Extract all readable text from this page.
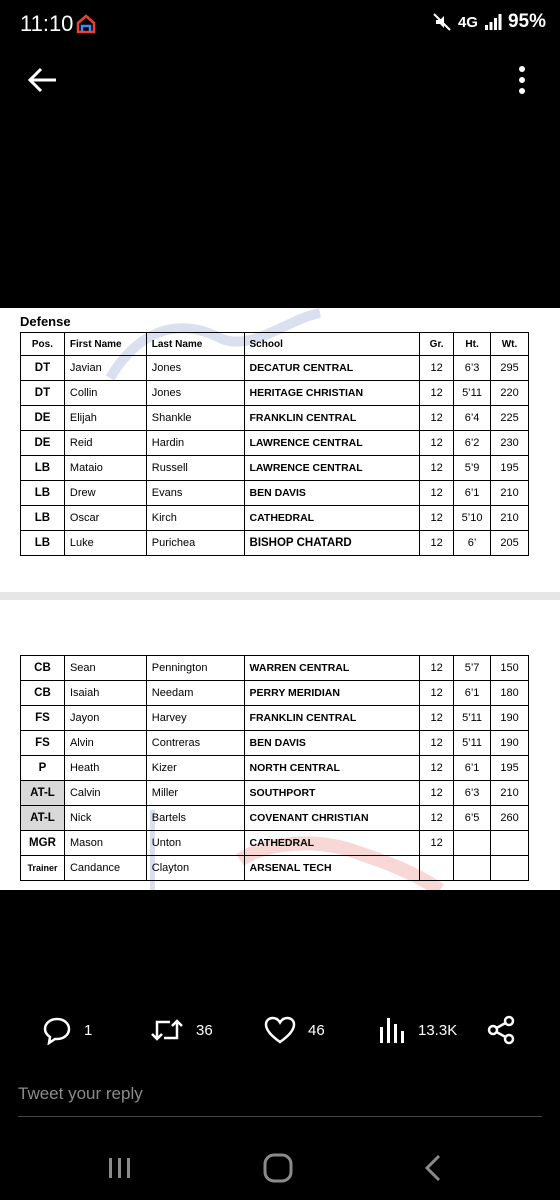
11:10	4G 95%
Defense
Pos.	First Name	Last Name	School	Gr.	Ht.	Wt.
DT	Javian	Jones	DECATUR CENTRAL	12	6’3	295
DT	Collin	Jones	HERITAGE CHRISTIAN	12	5’11	220
DE	Elijah	Shankle	FRANKLIN CENTRAL	12	6’4	225
DE	Reid	Hardin	LAWRENCE CENTRAL	12	6’2	230
LB	Mataio	Russell	LAWRENCE CENTRAL	12	5’9	195
LB	Drew	Evans	BEN DAVIS	12	6’1	210
LB	Oscar	Kirch	CATHEDRAL	12	5’10	210
LB	Luke	Purichea	BISHOP CHATARD	12	6’	205
CB	Sean	Pennington	WARREN CENTRAL	12	5’7	150
CB	Isaiah	Needam	PERRY MERIDIAN	12	6’1	180
FS	Jayon	Harvey	FRANKLIN CENTRAL	12	5’11	190
FS	Alvin	Contreras	BEN DAVIS	12	5’11	190
P	Heath	Kizer	NORTH CENTRAL	12	6’1	195
AT-L	Calvin	Miller	SOUTHPORT	12	6’3	210
AT-L	Nick	Bartels	COVENANT CHRISTIAN	12	6’5	260
MGR	Mason	Unton	CATHEDRAL	12		
Trainer	Candance	Clayton	ARSENAL TECH			
1	36	46	13.3K
Tweet your reply
